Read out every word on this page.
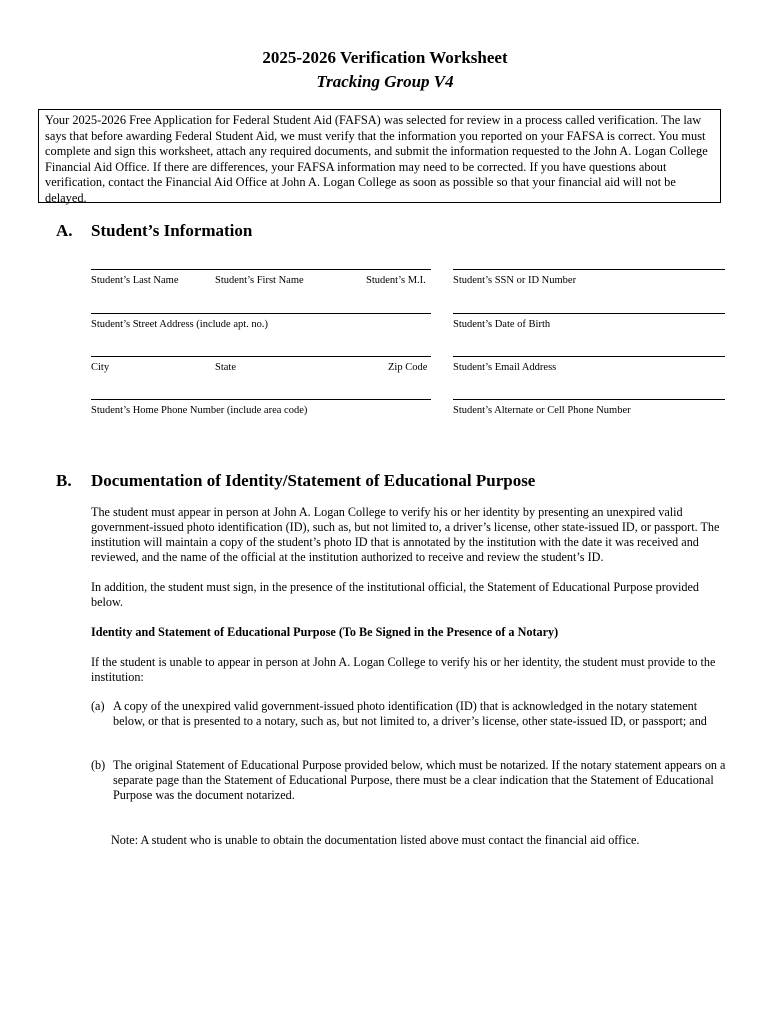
2025-2026 Verification Worksheet
Tracking Group V4
Your 2025-2026 Free Application for Federal Student Aid (FAFSA) was selected for review in a process called verification. The law says that before awarding Federal Student Aid, we must verify that the information you reported on your FAFSA is correct. You must complete and sign this worksheet, attach any required documents, and submit the information requested to the John A. Logan College Financial Aid Office. If there are differences, your FAFSA information may need to be corrected. If you have questions about verification, contact the Financial Aid Office at John A. Logan College as soon as possible so that your financial aid will not be delayed.
A. Student’s Information
Student’s Last Name	Student’s First Name	Student’s M.I.	Student’s SSN or ID Number
Student’s Street Address (include apt. no.)	Student’s Date of Birth
City	State	Zip Code Student’s Email Address
Student’s Home Phone Number (include area code)	Student’s Alternate or Cell Phone Number
B. Documentation of Identity/Statement of Educational Purpose
The student must appear in person at John A. Logan College to verify his or her identity by presenting an unexpired valid government-issued photo identification (ID), such as, but not limited to, a driver’s license, other state-issued ID, or passport. The institution will maintain a copy of the student’s photo ID that is annotated by the institution with the date it was received and reviewed, and the name of the official at the institution authorized to receive and review the student’s ID.
In addition, the student must sign, in the presence of the institutional official, the Statement of Educational Purpose provided below.
Identity and Statement of Educational Purpose (To Be Signed in the Presence of a Notary)
If the student is unable to appear in person at John A. Logan College to verify his or her identity, the student must provide to the institution:
(a) A copy of the unexpired valid government-issued photo identification (ID) that is acknowledged in the notary statement below, or that is presented to a notary, such as, but not limited to, a driver’s license, other state-issued ID, or passport; and
(b) The original Statement of Educational Purpose provided below, which must be notarized. If the notary statement appears on a separate page than the Statement of Educational Purpose, there must be a clear indication that the Statement of Educational Purpose was the document notarized.
Note: A student who is unable to obtain the documentation listed above must contact the financial aid office.
